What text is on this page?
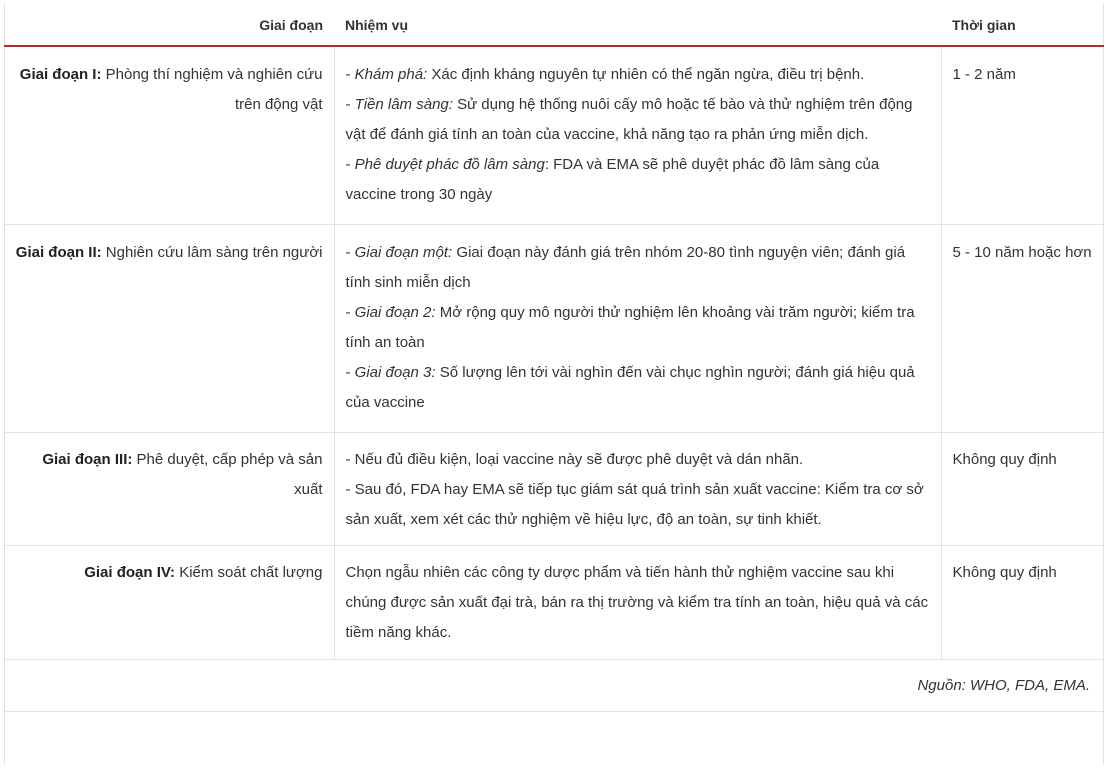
Giai đoạn	Nhiệm vụ	Thời gian
Giai đoạn I: Phòng thí nghiệm và nghiên cứu trên động vật	- Khám phá: Xác định kháng nguyên tự nhiên có thể ngăn ngừa, điều trị bệnh.
- Tiền lâm sàng: Sử dụng hệ thống nuôi cấy mô hoặc tế bào và thử nghiệm trên động vật để đánh giá tính an toàn của vaccine, khả năng tạo ra phản ứng miễn dịch.
- Phê duyệt phác đồ lâm sàng: FDA và EMA sẽ phê duyệt phác đồ lâm sàng của vaccine trong 30 ngày	1 - 2 năm
Giai đoạn II: Nghiên cứu lâm sàng trên người	- Giai đoạn một: Giai đoạn này đánh giá trên nhóm 20-80 tình nguyện viên; đánh giá tính sinh miễn dịch
- Giai đoạn 2: Mở rộng quy mô người thử nghiệm lên khoảng vài trăm người; kiểm tra tính an toàn
- Giai đoạn 3: Số lượng lên tới vài nghìn đến vài chục nghìn người; đánh giá hiệu quả của vaccine	5 - 10 năm hoặc hơn
Giai đoạn III: Phê duyệt, cấp phép và sản xuất	- Nếu đủ điều kiện, loại vaccine này sẽ được phê duyệt và dán nhãn.
- Sau đó, FDA hay EMA sẽ tiếp tục giám sát quá trình sản xuất vaccine: Kiểm tra cơ sở sản xuất, xem xét các thử nghiệm về hiệu lực, độ an toàn, sự tinh khiết.	Không quy định
Giai đoạn IV: Kiểm soát chất lượng	Chọn ngẫu nhiên các công ty dược phẩm và tiến hành thử nghiệm vaccine sau khi chúng được sản xuất đại trà, bán ra thị trường và kiểm tra tính an toàn, hiệu quả và các tiềm năng khác.	Không quy định
Nguồn: WHO, FDA, EMA.		
